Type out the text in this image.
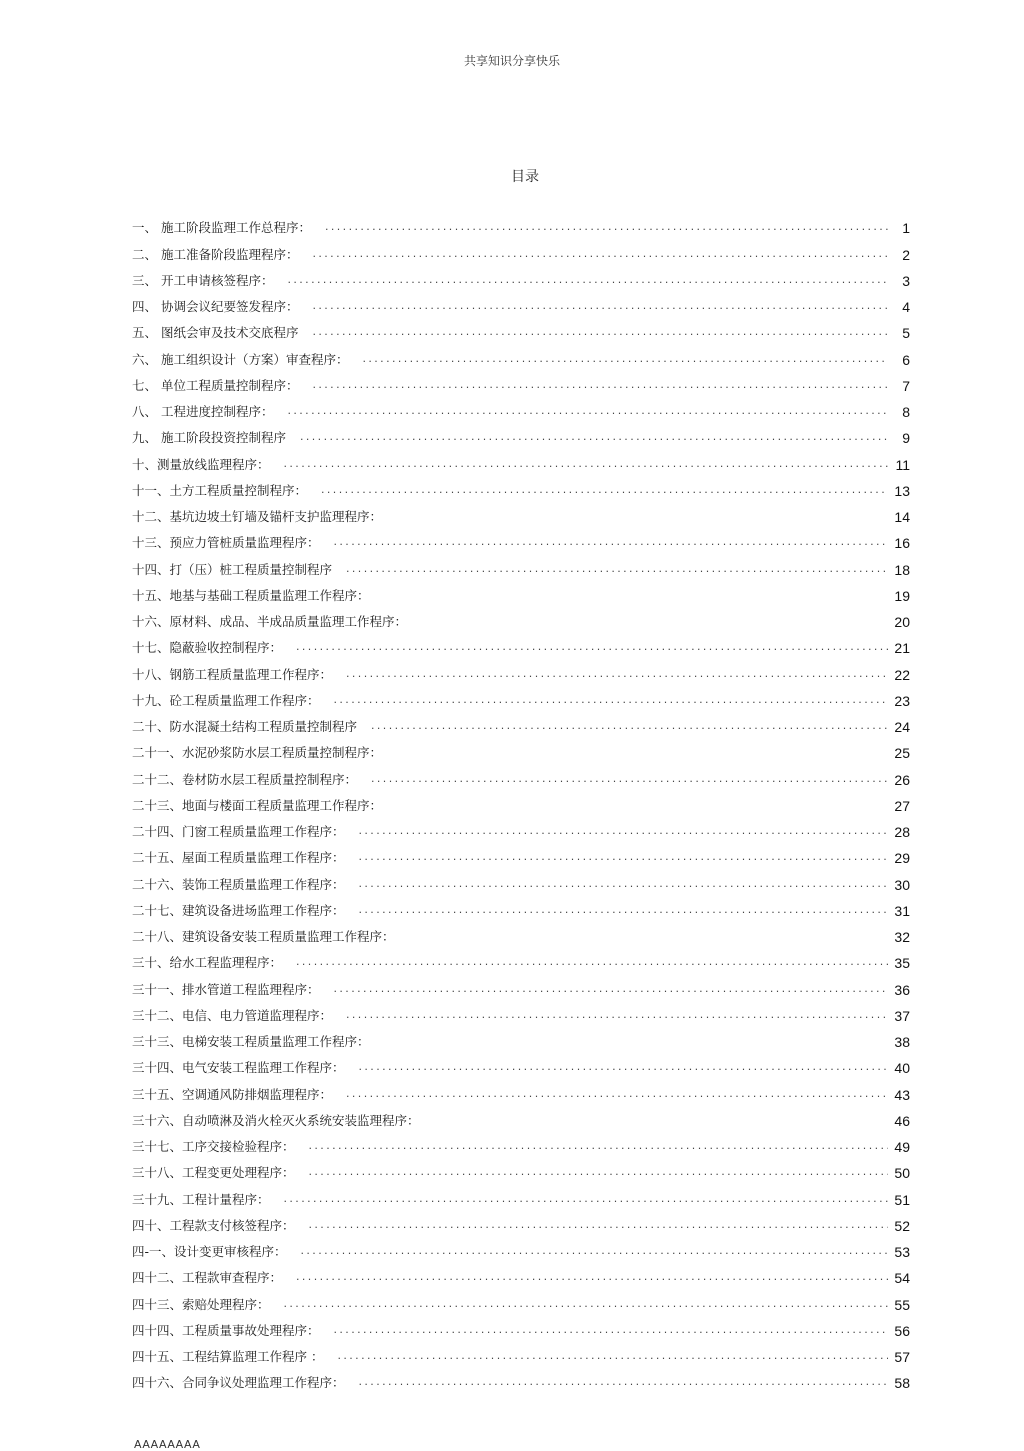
共享知识分享快乐
目录
一、 施工阶段监理工作总程序： .....	1
二、 施工准备阶段监理程序： .....	2
三、 开工申请核签程序： .....	3
四、 协调会议纪要签发程序： .....	4
五、 图纸会审及技术交底程序 .....	5
六、 施工组织设计（方案）审查程序： .....	6
七、 单位工程质量控制程序： .....	7
八、 工程进度控制程序： .....	8
九、 施工阶段投资控制程序 .....	9
十、测量放线监理程序： .....	11
十一、土方工程质量控制程序： .....	13
十二、基坑边坡土钉墙及锚杆支护监理程序：	14
十三、预应力管桩质量监理程序： .....	16
十四、打（压）桩工程质量控制程序 .....	18
十五、地基与基础工程质量监理工作程序：	19
十六、原材料、成品、半成品质量监理工作程序：	20
十七、隐蔽验收控制程序： .....	21
十八、钢筋工程质量监理工作程序： .....	22
十九、砼工程质量监理工作程序： .....	23
二十、防水混凝土结构工程质量控制程序 .....	24
二十一、水泥砂浆防水层工程质量控制程序：	25
二十二、卷材防水层工程质量控制程序： .....	26
二十三、地面与楼面工程质量监理工作程序：	27
二十四、门窗工程质量监理工作程序： .....	28
二十五、屋面工程质量监理工作程序： .....	29
二十六、装饰工程质量监理工作程序： .....	30
二十七、建筑设备进场监理工作程序： .....	31
二十八、建筑设备安装工程质量监理工作程序：	32
三十、给水工程监理程序： .....	35
三十一、排水管道工程监理程序： .....	36
三十二、电信、电力管道监理程序： .....	37
三十三、电梯安装工程质量监理工作程序：	38
三十四、电气安装工程监理工作程序： .....	40
三十五、空调通风防排烟监理程序： .....	43
三十六、自动喷淋及消火栓灭火系统安装监理程序：	46
三十七、工序交接检验程序： .....	49
三十八、工程变更处理程序： .....	50
三十九、工程计量程序： .....	51
四十、工程款支付核签程序： .....	52
四-一、设计变更审核程序： .....	53
四十二、工程款审查程序： .....	54
四十三、索赔处理程序： .....	55
四十四、工程质量事故处理程序： .....	56
四十五、工程结算监理工作程序 ： .....	57
四十六、合同争议处理监理工作程序： .....	58
AAAAAAAA
